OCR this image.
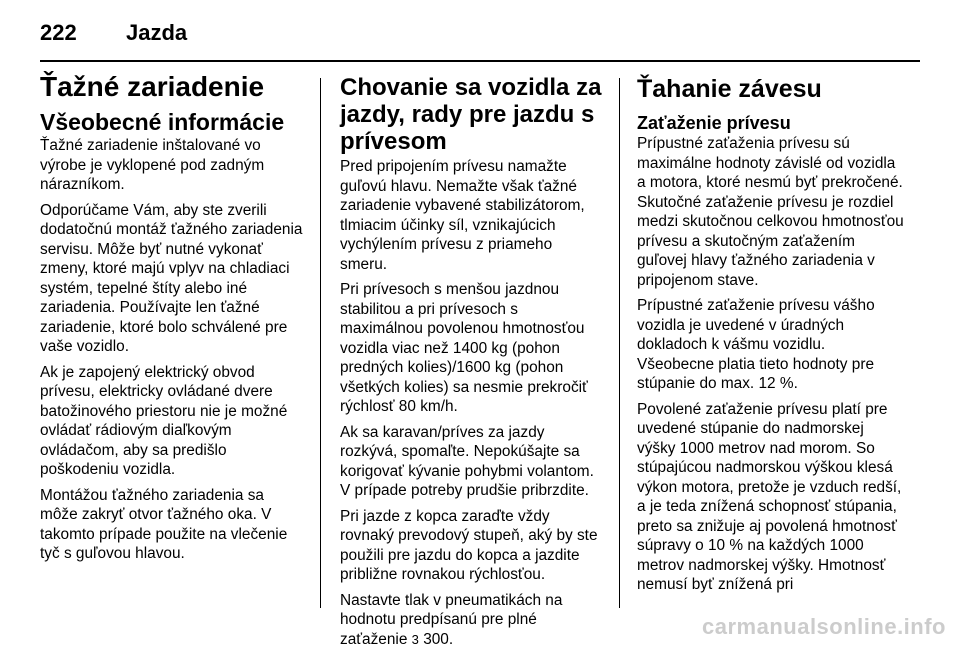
222 Jazda
Ťažné zariadenie
Všeobecné informácie

Ťažné zariadenie inštalované vo výrobe je vyklopené pod zadným nárazníkom.

Odporúčame Vám, aby ste zverili dodatočnú montáž ťažného zariadenia servisu. Môže byť nutné vykonať zmeny, ktoré majú vplyv na chladiaci systém, tepelné štíty alebo iné zariadenia. Používajte len ťažné zariadenie, ktoré bolo schválené pre vaše vozidlo.

Ak je zapojený elektrický obvod prívesu, elektricky ovládané dvere batožinového priestoru nie je možné ovládať rádiovým diaľkovým ovládačom, aby sa predišlo poškodeniu vozidla.

Montážou ťažného zariadenia sa môže zakryť otvor ťažného oka. V takomto prípade použite na vlečenie tyč s guľovou hlavou.

Chovanie sa vozidla za jazdy, rady pre jazdu s prívesom

Pred pripojením prívesu namažte guľovú hlavu. Nemažte však ťažné zariadenie vybavené stabilizátorom, tlmiacim účinky síl, vznikajúcich vychýlením prívesu z priameho smeru.

Pri prívesoch s menšou jazdnou stabilitou a pri prívesoch s maximálnou povolenou hmotnosťou vozidla viac než 1400 kg (pohon predných kolies)/1600 kg (pohon všetkých kolies) sa nesmie prekročiť rýchlosť 80 km/h.

Ak sa karavan/príves za jazdy rozkývá, spomaľte. Nepokúšajte sa korigovať kývanie pohybmi volantom. V prípade potreby prudšie pribrzdite.

Pri jazde z kopca zaraďte vždy rovnaký prevodový stupeň, aký by ste použili pre jazdu do kopca a jazdite približne rovnakou rýchlosťou.

Nastavte tlak v pneumatikách na hodnotu predpísanú pre plné zaťaženie 3 300.

Ťahanie závesu
Zaťaženie prívesu

Prípustné zaťaženia prívesu sú maximálne hodnoty závislé od vozidla a motora, ktoré nesmú byť prekročené. Skutočné zaťaženie prívesu je rozdiel medzi skutočnou celkovou hmotnosťou prívesu a skutočným zaťažením guľovej hlavy ťažného zariadenia v pripojenom stave.

Prípustné zaťaženie prívesu vášho vozidla je uvedené v úradných dokladoch k vášmu vozidlu. Všeobecne platia tieto hodnoty pre stúpanie do max. 12 %.

Povolené zaťaženie prívesu platí pre uvedené stúpanie do nadmorskej výšky 1000 metrov nad morom. So stúpajúcou nadmorskou výškou klesá výkon motora, pretože je vzduch redší, a je teda znížená schopnosť stúpania, preto sa znižuje aj povolená hmotnosť súpravy o 10 % na každých 1000 metrov nadmorskej výšky. Hmotnosť nemusí byť znížená pri

carmanualsonline.info
